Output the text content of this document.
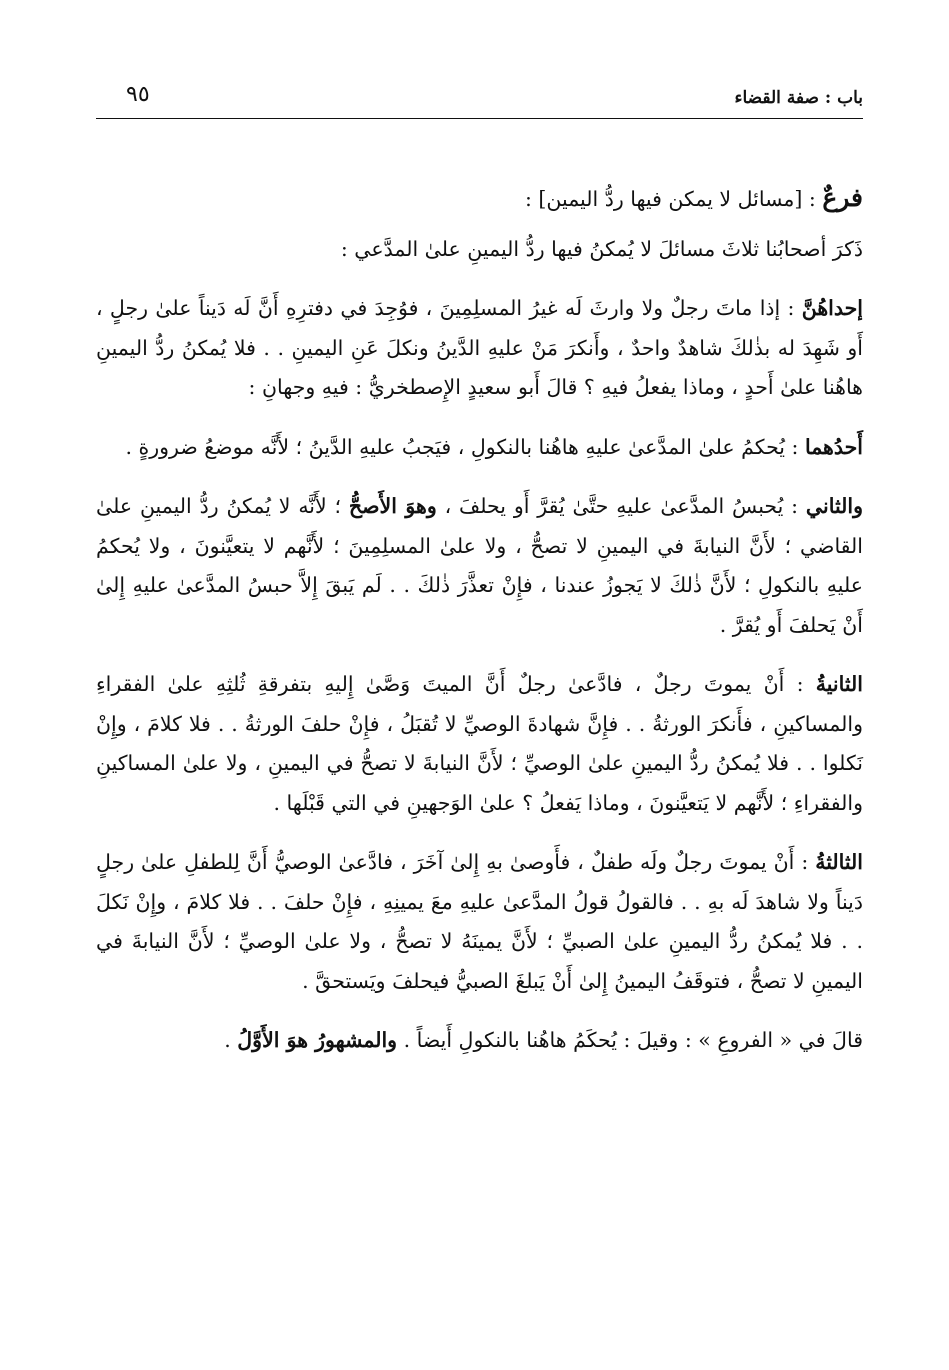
باب : صفة القضاء
٩٥

فرعٌ : [مسائل لا يمكن فيها ردُّ اليمين] :

ذَكرَ أصحابُنا ثلاثَ مسائلَ لا يُمكنُ فيها ردُّ اليمينِ علىٰ المدَّعي :

إحداهُنَّ : إذا ماتَ رجلٌ ولا وارثَ لَه غيرُ المسلِمِينَ ، فوُجِدَ في دفترِهِ أَنَّ لَه دَيناً علىٰ رجلٍ ، أَو شَهِدَ له بذٰلكَ شاهدٌ واحدٌ ، وأَنكرَ مَنْ عليهِ الدَّينُ ونكلَ عَنِ اليمينِ . . فلا يُمكنُ ردُّ اليمينِ هاهُنا علىٰ أَحدٍ ، وماذا يفعلُ فيهِ ؟ قالَ أَبو سعيدٍ الإِصطخريُّ : فيهِ وجهانِ :

أَحدُهما : يُحكمُ علىٰ المدَّعىٰ عليهِ هاهُنا بالنكولِ ، فيَجبُ عليهِ الدَّينُ ؛ لأَنَّه موضعُ ضرورةٍ .

والثاني : يُحبسُ المدَّعىٰ عليهِ حتَّىٰ يُقرَّ أَو يحلفَ ، وهوَ الأَصحُّ ؛ لأَنَّه لا يُمكنُ ردُّ اليمينِ علىٰ القاضي ؛ لأَنَّ النيابةَ في اليمينِ لا تصحُّ ، ولا علىٰ المسلِمِينَ ؛ لأَنَّهم لا يتعيَّنونَ ، ولا يُحكمُ عليهِ بالنكولِ ؛ لأَنَّ ذٰلكَ لا يَجوزُ عندنا ، فإِنْ تعذَّرَ ذٰلكَ . . لَم يَبقَ إِلاَّ حبسُ المدَّعىٰ عليهِ إِلىٰ أَنْ يَحلفَ أَو يُقرَّ .

الثانيةُ : أَنْ يموتَ رجلٌ ، فادَّعىٰ رجلٌ أَنَّ الميتَ وَصَّىٰ إِليهِ بتفرقةِ ثُلثِهِ علىٰ الفقراءِ والمساكينِ ، فأَنكرَ الورثةُ . . فإِنَّ شهادةَ الوصيِّ لا تُقبَلُ ، فإِنْ حلفَ الورثةُ . . فلا كلامَ ، وإِنْ نَكلوا . . فلا يُمكنُ ردُّ اليمينِ علىٰ الوصيِّ ؛ لأَنَّ النيابةَ لا تصحُّ في اليمينِ ، ولا علىٰ المساكينِ والفقراءِ ؛ لأَنَّهم لا يَتعيَّنونَ ، وماذا يَفعلُ ؟ علىٰ الوَجهينِ في التي قَبْلَها .

الثالثةُ : أَنْ يموتَ رجلٌ ولَه طفلٌ ، فأَوصىٰ بهِ إِلىٰ آخَرَ ، فادَّعىٰ الوصيُّ أَنَّ لِلطفلِ علىٰ رجلٍ دَيناً ولا شاهدَ لَه بهِ . . فالقولُ قولُ المدَّعىٰ عليهِ معَ يمينِهِ ، فإِنْ حلفَ . . فلا كلامَ ، وإِنْ نَكلَ . . فلا يُمكنُ ردُّ اليمينِ علىٰ الصبيِّ ؛ لأَنَّ يمينَهُ لا تصحُّ ، ولا علىٰ الوصيِّ ؛ لأَنَّ النيابةَ في اليمينِ لا تصحُّ ، فتوقَفُ اليمينُ إِلىٰ أَنْ يَبلغَ الصبيُّ فيحلفَ ويَستحقَّ .

قالَ في « الفروعِ » : وقيلَ : يُحكَمُ هاهُنا بالنكولِ أَيضاً . والمشهورُ هوَ الأَوَّلُ .
